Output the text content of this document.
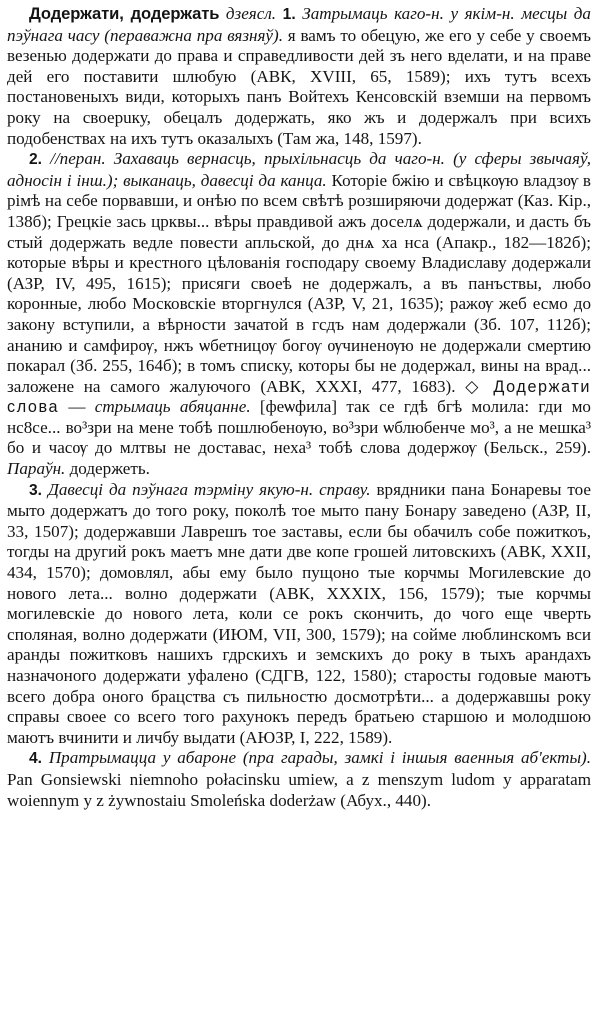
Додержати, додержать дзеясл. 1. Затрымаць каго-н. у якім-н. месцы да пэўнага часу (пераважна пра вязняў). я вамъ то обецую, же его у себе у своемъ везенью додержати до права и справедливости дей зъ него вделати, и на праве дей его поставити шлюбую (АВК, XVIII, 65, 1589); ихъ тутъ всехъ постановеныхъ види, которыхъ панъ Войтехъ Кенсовскій вземши на первомъ року на своерuку, обецалъ додержать, яко жъ и додержалъ при всихъ подобенствах на ихъ тутъ оказалыхъ (Там жа, 148, 1597).

2. //перан. Захаваць вернасць, прыхільнасць да чаго-н. (у сферы звычаяў, адносін і інш.); выканаць, давесці да канца. Которіе бжію и свѣцкѹю владзѹ в рімѣ на себе порвавши, и онѣю по всем свѣтѣ розширяючи додержат (Каз. Кір., 138б); Грецкіе зась црквы... вѣры правдивой ажъ доселѧ додержали, и дасть бъ стый додержать ведле повести апльской, до днѧ ха нса (Апакр., 182—182б); которые вѣры и крестного цѣлованія господару своему Владиславу додержали (АЗР, IV, 495, 1615); присяги своеѣ не додержалъ, а въ панъствы, любо коронные, любо Московскіе вторгнулся (АЗР, V, 21, 1635); ражѹ жеб есмо до закону вступили, а вѣрности зачатой в гсдъ нам додержали (Зб. 107, 112б); ананию и самфирѹ, нжъ ѡбетницѹ богѹ ѹчиненѹю не додержали смертию покарал (Зб. 255, 164б); в томъ списку, которы бы не додержал, вины на врад... заложене на самого жалуючого (АВК, XXXI, 477, 1683). ◇ Додержати слова — стрымаць абяцанне. [феѡфила] так се гдѣ бгѣ молила: гди мо нс8се... во³зри на мене тобѣ пошлюбенѹю, во³зри ѡблюбенче мо³, а не мешка³ бо и часѹ до млтвы не доставас, неха³ тобѣ слова додержѹ (Бельск., 259). Параўн. додержеть.

3. Давесці да пэўнага тэрміну якую-н. справу. врядники пана Бонаревы тое мыто додержатъ до того року, поколѣ тое мыто пану Бонару заведено (АЗР, II, 33, 1507); додержавши Лаврешъ тое заставы, если бы обачилъ собе пожиткоъ, тогды на другий рокъ маетъ мне дати две копе грошей литовскихъ (АВК, XXII, 434, 1570); домовлял, абы ему было пущоно тые корчмы Могилевские до нового лета... волно додержати (АВК, XXXIX, 156, 1579); тые корчмы могилевскіе до нового лета, коли се рокъ скончить, до чого еще чверть споляная, волно додержати (ИЮМ, VII, 300, 1579); на сойме люблинскомъ вси аранды пожитковъ нашихъ гдрскихъ и земскихъ до року в тыхъ арандахъ назначоного додержати уфалено (СДГВ, 122, 1580); старосты годовые маютъ всего добра оного брацства съ пильностю досмотрѣти... а додержавшы року справы своее со всего того рахунокъ передъ братьею старшою и молодшою маютъ вчинити и личбу выдати (АЮЗР, I, 222, 1589).

4. Пратрымацца у абароне (пра гарады, замкі і іншыя ваенныя аб'екты). Pan Gonsiewski niemnoho połacinsku umiew, a z menszym ludom y apparatam woiennym y z żywnostaiu Smoleńska doderżaw (Абух., 440).
